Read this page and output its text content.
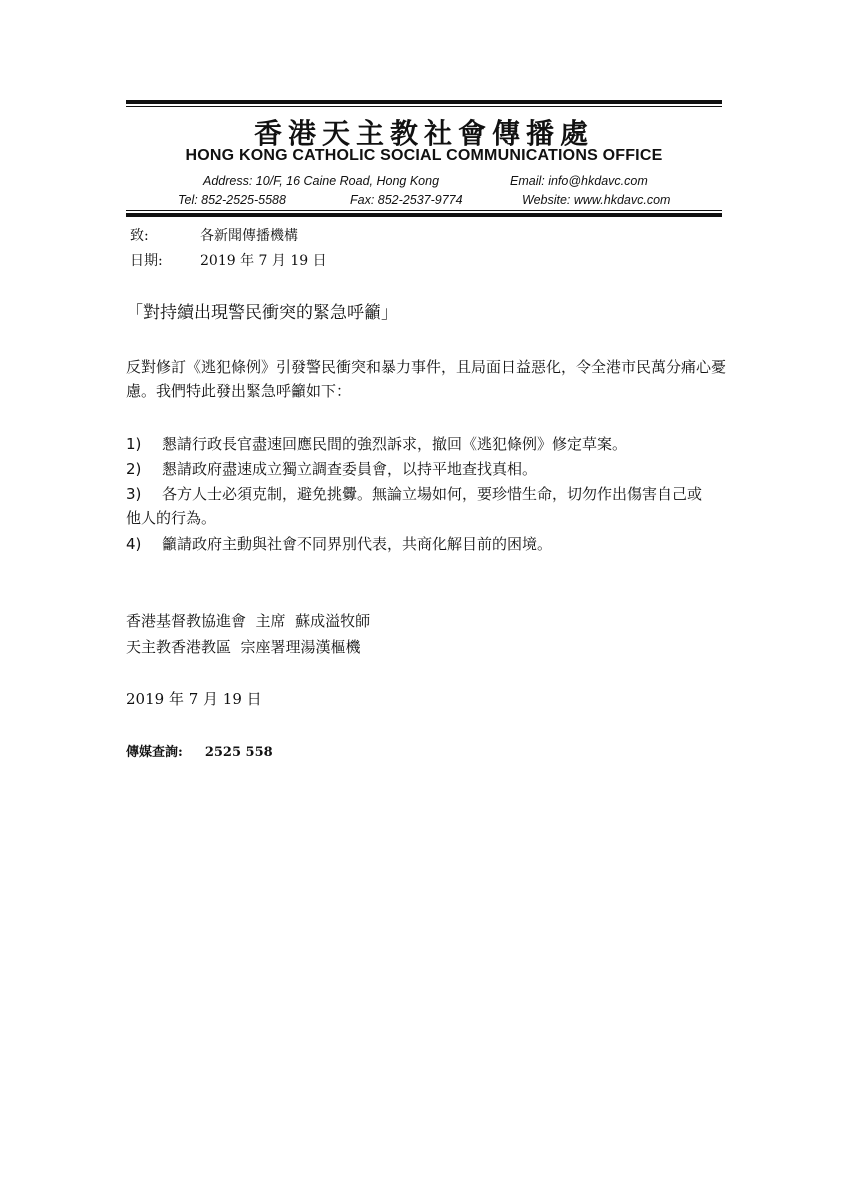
香港天主教社會傳播處
HONG KONG CATHOLIC SOCIAL COMMUNICATIONS OFFICE
Address: 10/F, 16 Caine Road, Hong Kong	Email: info@hkdavc.com
Tel: 852-2525-5588	Fax: 852-2537-9774	Website: www.hkdavc.com
致:	各新聞傳播機構
日期:	2019 年 7 月 19 日
「對持續出現警民衝突的緊急呼籲」
反對修訂《逃犯條例》引發警民衝突和暴力事件，且局面日益惡化，令全港市民萬分痛心憂慮。我們特此發出緊急呼籲如下：
1) 懇請行政長官盡速回應民間的強烈訴求，撤回《逃犯條例》修定草案。
2) 懇請政府盡速成立獨立調查委員會，以持平地查找真相。
3) 各方人士必須克制，避免挑釁。無論立場如何，要珍惜生命，切勿作出傷害自己或他人的行為。
4) 籲請政府主動與社會不同界別代表，共商化解目前的困境。
香港基督教協進會  主席  蘇成溢牧師
天主教香港教區  宗座署理湯漢樞機
2019 年 7 月 19 日
傳媒查詢: 2525 558
